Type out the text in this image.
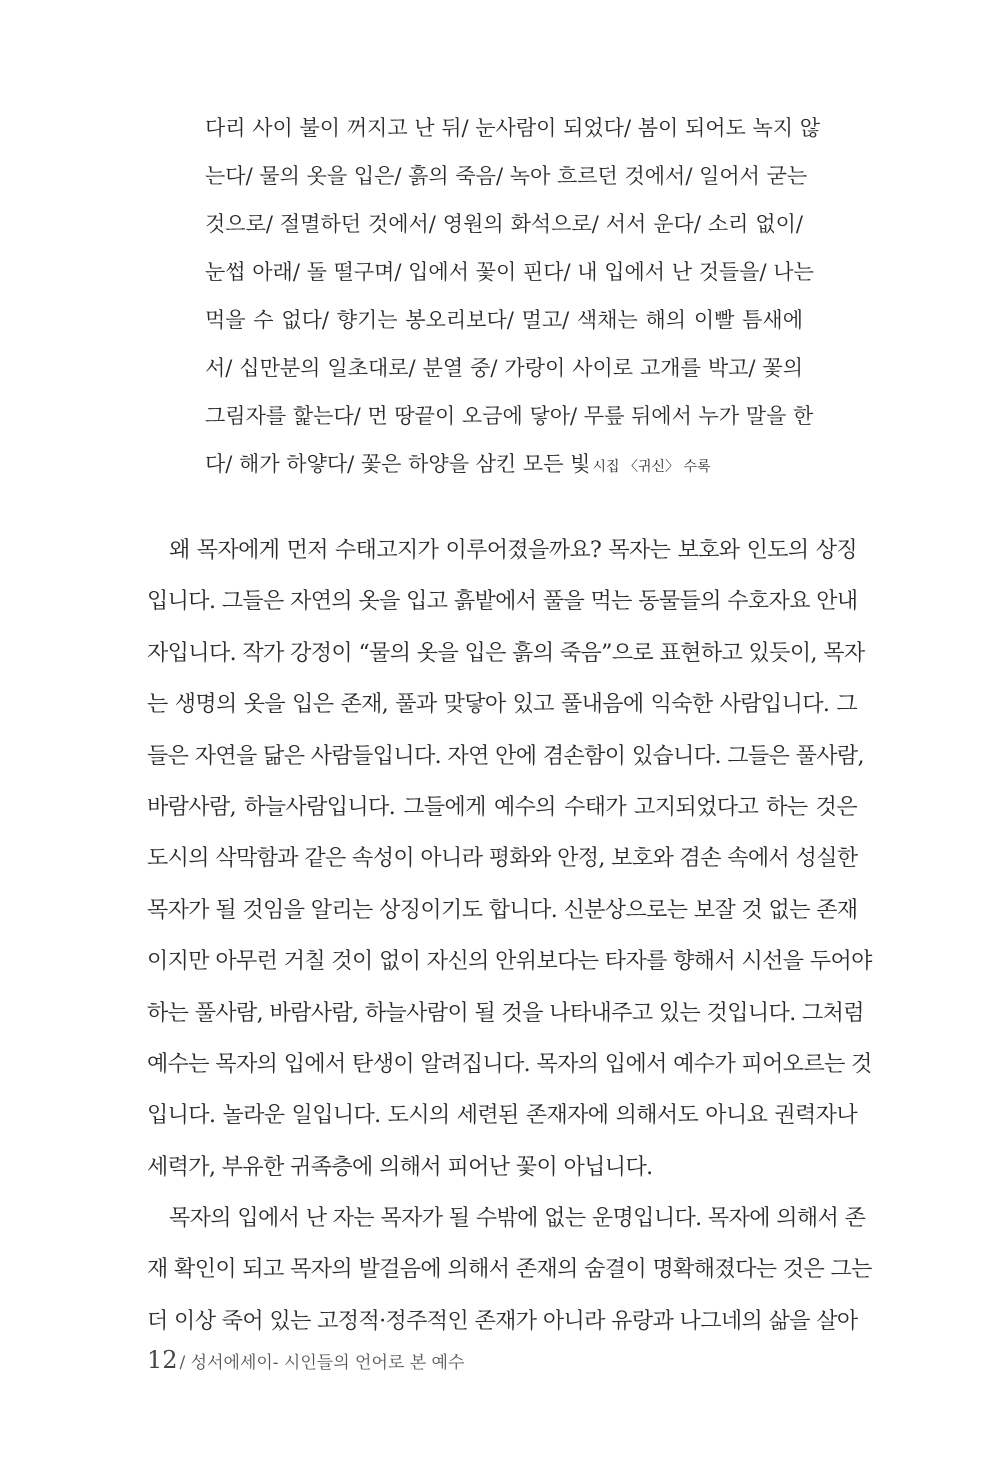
다리 사이 불이 꺼지고 난 뒤/ 눈사람이 되었다/ 봄이 되어도 녹지 않
는다/ 물의 옷을 입은/ 흙의 죽음/ 녹아 흐르던 것에서/ 일어서 굳는
것으로/ 절멸하던 것에서/ 영원의 화석으로/ 서서 운다/ 소리 없이/
눈썹 아래/ 돌 떨구며/ 입에서 꽃이 핀다/ 내 입에서 난 것들을/ 나는
먹을 수 없다/ 향기는 봉오리보다/ 멀고/ 색채는 해의 이빨 틈새에
서/ 십만분의 일초대로/ 분열 중/ 가랑이 사이로 고개를 박고/ 꽃의
그림자를 핥는다/ 먼 땅끝이 오금에 닿아/ 무릎 뒤에서 누가 말을 한
다/ 해가 하얗다/ 꽃은 하양을 삼킨 모든 빛 시집 〈귀신〉 수록
왜 목자에게 먼저 수태고지가 이루어졌을까요? 목자는 보호와 인도의 상징
입니다. 그들은 자연의 옷을 입고 흙밭에서 풀을 먹는 동물들의 수호자요 안내
자입니다. 작가 강정이 “물의 옷을 입은 흙의 죽음”으로 표현하고 있듯이, 목자
는 생명의 옷을 입은 존재, 풀과 맞닿아 있고 풀내음에 익숙한 사람입니다. 그
들은 자연을 닮은 사람들입니다. 자연 안에 겸손함이 있습니다. 그들은 풀사람,
바람사람, 하늘사람입니다. 그들에게 예수의 수태가 고지되었다고 하는 것은
도시의 삭막함과 같은 속성이 아니라 평화와 안정, 보호와 겸손 속에서 성실한
목자가 될 것임을 알리는 상징이기도 합니다. 신분상으로는 보잘 것 없는 존재
이지만 아무런 거칠 것이 없이 자신의 안위보다는 타자를 향해서 시선을 두어야
하는 풀사람, 바람사람, 하늘사람이 될 것을 나타내주고 있는 것입니다. 그처럼
예수는 목자의 입에서 탄생이 알려집니다. 목자의 입에서 예수가 피어오르는 것
입니다. 놀라운 일입니다. 도시의 세련된 존재자에 의해서도 아니요 권력자나
세력가, 부유한 귀족층에 의해서 피어난 꽃이 아닙니다.
목자의 입에서 난 자는 목자가 될 수밖에 없는 운명입니다. 목자에 의해서 존
재 확인이 되고 목자의 발걸음에 의해서 존재의 숨결이 명확해졌다는 것은 그는
더 이상 죽어 있는 고정적·정주적인 존재가 아니라 유랑과 나그네의 삶을 살아
12 / 성서에세이- 시인들의 언어로 본 예수
